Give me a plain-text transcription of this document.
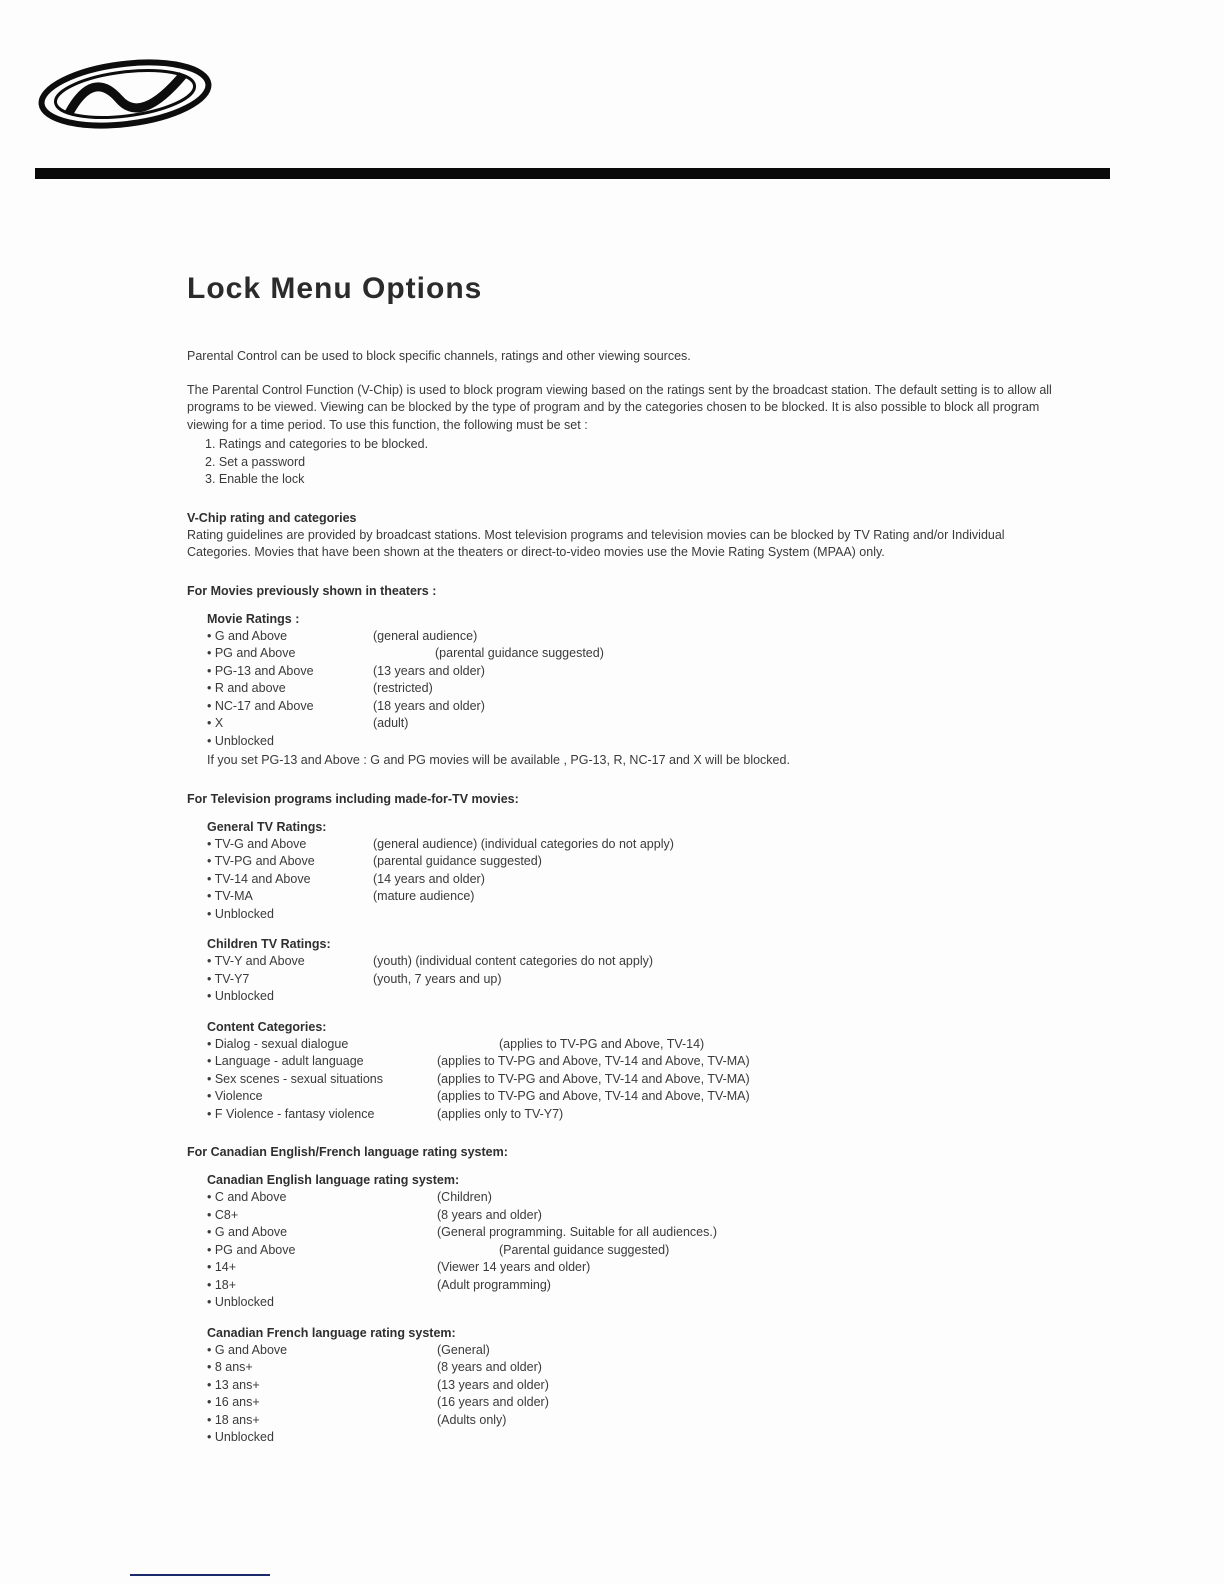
Lock Menu Options

Parental Control can be used to block specific channels, ratings and other viewing sources.

The Parental Control Function (V-Chip) is used to block program viewing based on the ratings sent by the broadcast station. The default setting is to allow all programs to be viewed. Viewing can be blocked by the type of program and by the categories chosen to be blocked. It is also possible to block all program viewing for a time period. To use this function, the following must be set :

1. Ratings and categories to be blocked.
2. Set a password
3. Enable the lock
V-Chip rating and categories

Rating guidelines are provided by broadcast stations. Most television programs and television movies can be blocked by TV Rating and/or Individual Categories. Movies that have been shown at the theaters or direct-to-video movies use the Movie Rating System (MPAA) only.

For Movies previously shown in theaters :
Movie Ratings :
• G and Above	(general audience)
• PG and Above	(parental guidance suggested)
• PG-13 and Above	(13 years and older)
• R and above	(restricted)
• NC-17 and Above	(18 years and older)
• X	(adult)
• Unblocked
If you set PG-13 and Above : G and PG movies will be available , PG-13, R, NC-17 and X will be blocked.
For Television programs including made-for-TV movies:
General TV Ratings:
• TV-G and Above	(general audience) (individual categories do not apply)
• TV-PG and Above	(parental guidance suggested)
• TV-14 and Above	(14 years and older)
• TV-MA	(mature audience)
• Unblocked
Children TV Ratings:
• TV-Y and Above	(youth) (individual content categories do not apply)
• TV-Y7	(youth, 7 years and up)
• Unblocked
Content Categories:
• Dialog - sexual dialogue	(applies to TV-PG and Above, TV-14)
• Language - adult language	(applies to TV-PG and Above, TV-14 and Above, TV-MA)
• Sex scenes - sexual situations	(applies to TV-PG and Above, TV-14 and Above, TV-MA)
• Violence	(applies to TV-PG and Above, TV-14 and Above, TV-MA)
• F Violence - fantasy violence	(applies only to TV-Y7)
For Canadian English/French language rating system:
Canadian English language rating system:
• C and Above	(Children)
• C8+	(8 years and older)
• G and Above	(General programming. Suitable for all audiences.)
• PG and Above	(Parental guidance suggested)
• 14+	(Viewer 14 years and older)
• 18+	(Adult programming)
• Unblocked
Canadian French language rating system:
• G and Above	(General)
• 8 ans+	(8 years and older)
• 13 ans+	(13 years and older)
• 16 ans+	(16 years and older)
• 18 ans+	(Adults only)
• Unblocked
